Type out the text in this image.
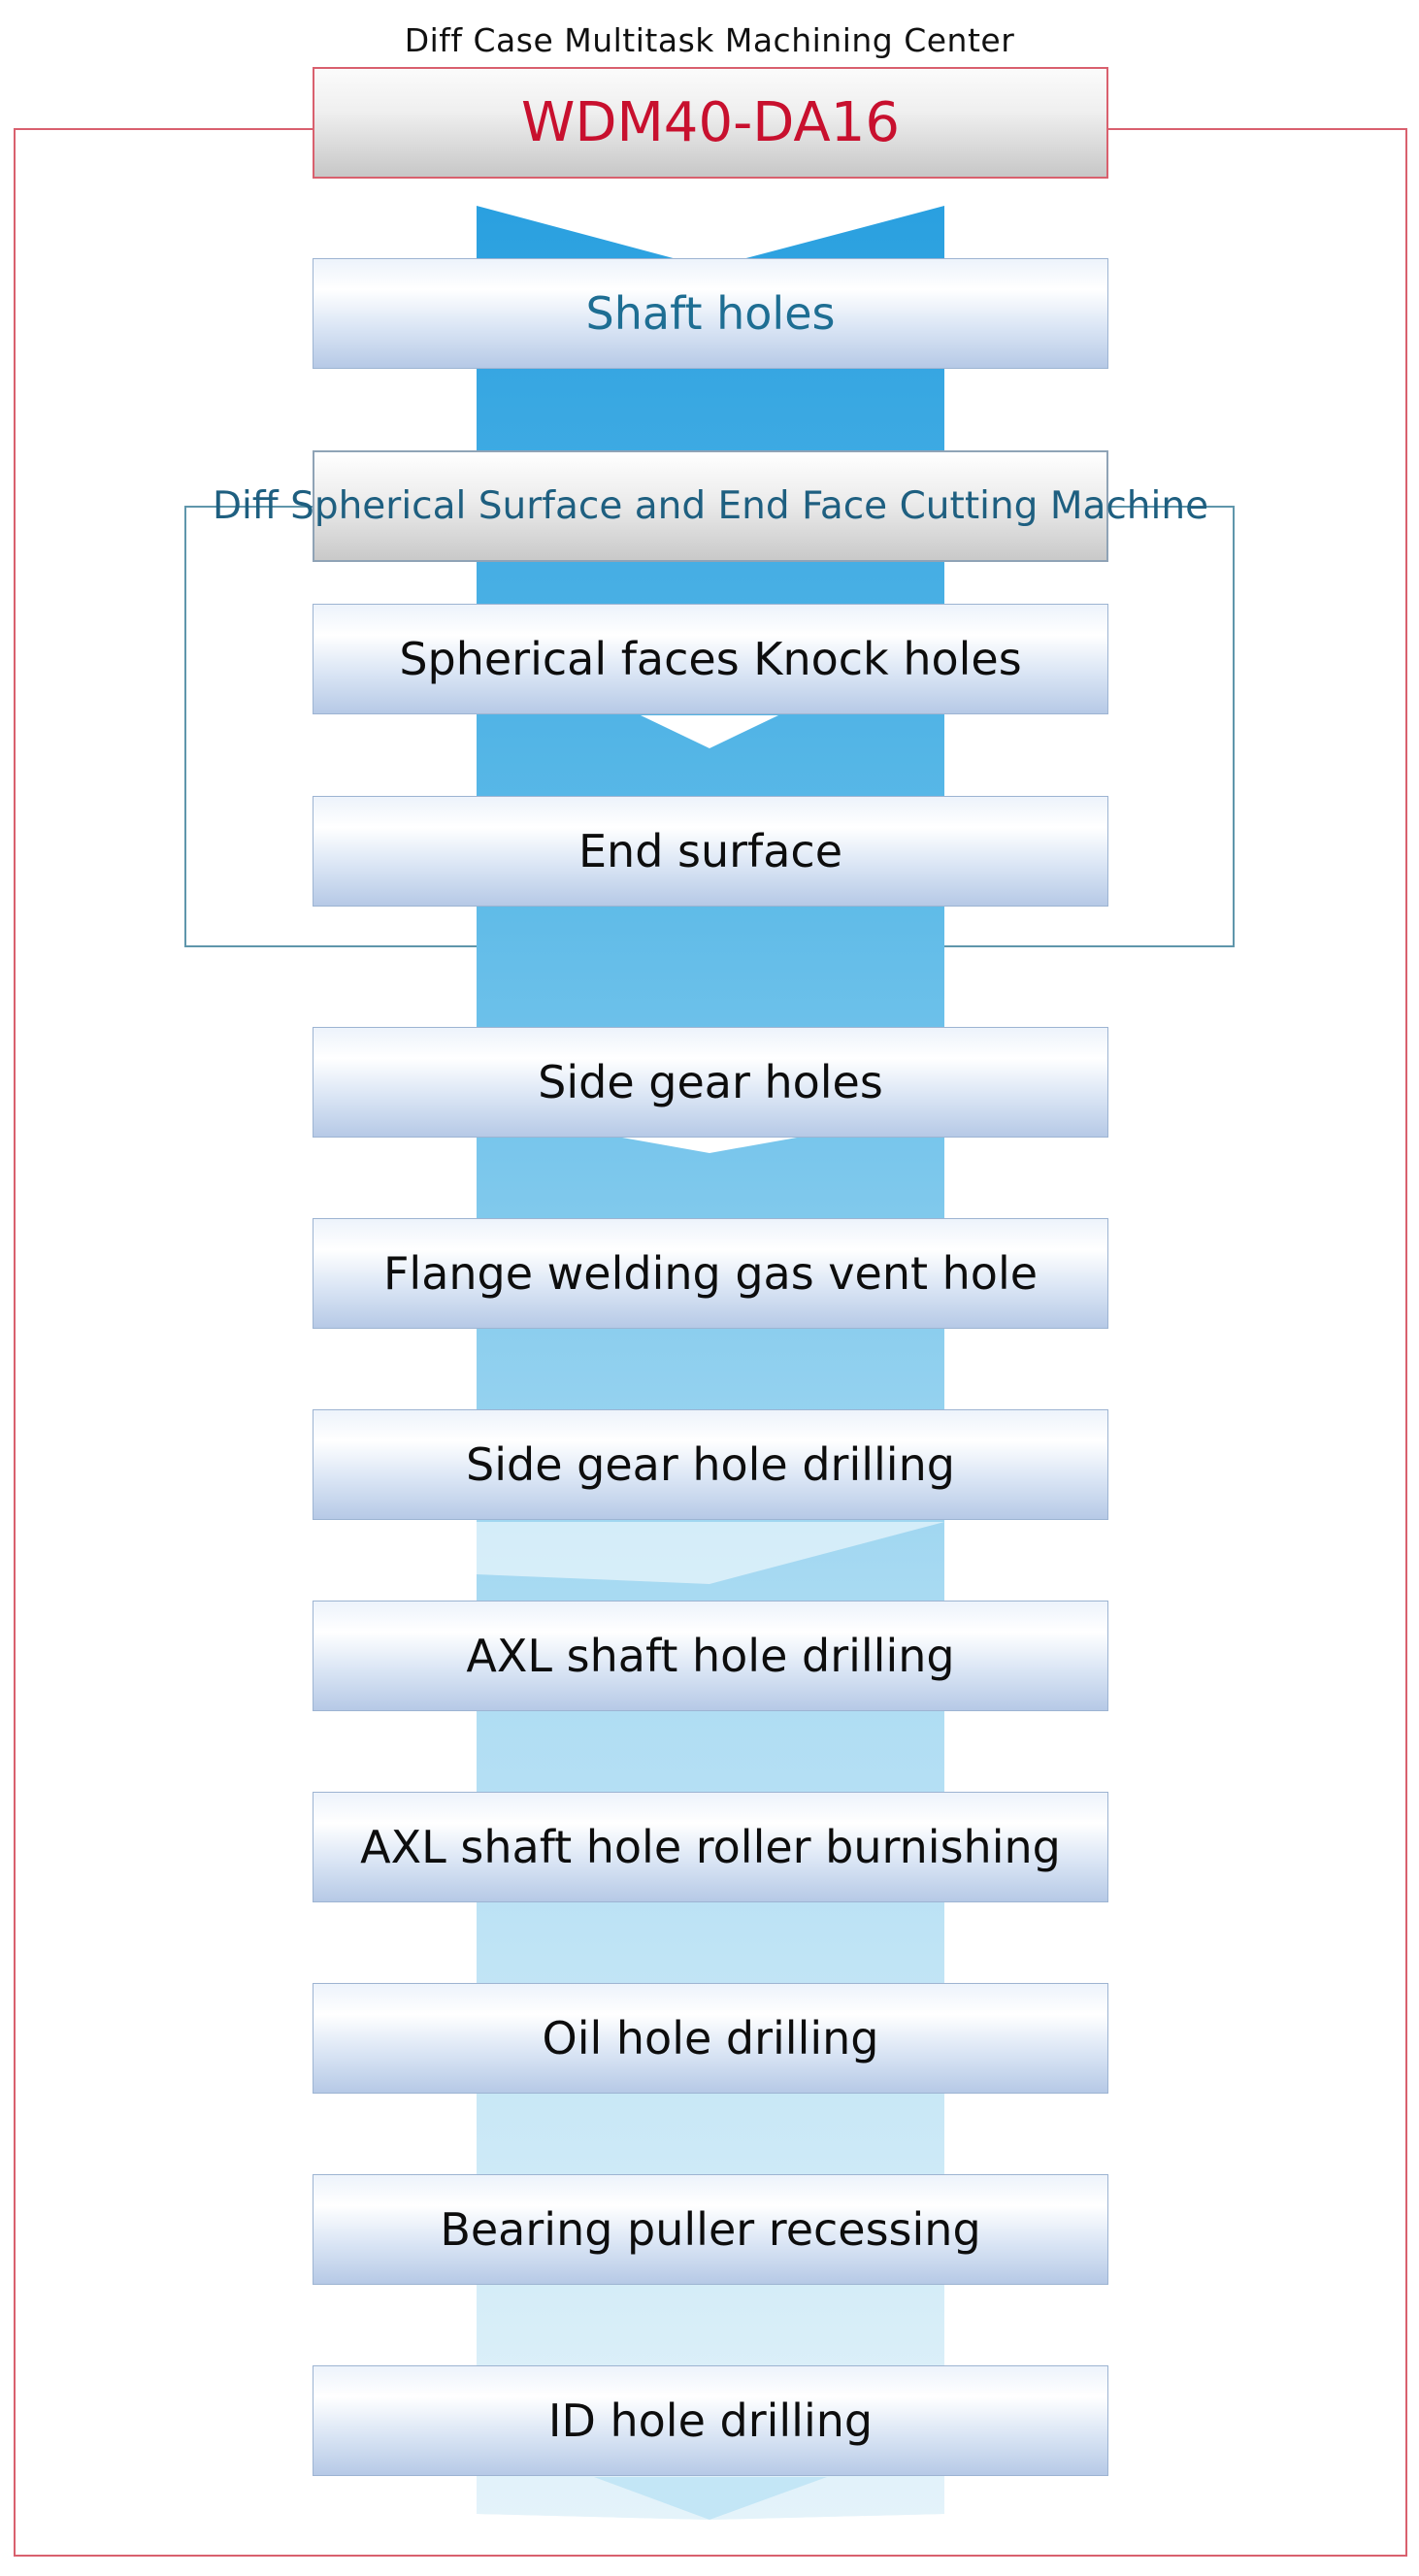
Diff Case Multitask Machining Center
WDM40-DA16
Shaft holes
Diff Spherical Surface and End Face Cutting Machine
Spherical faces Knock holes
End surface
Side gear holes
Flange welding gas vent hole
Side gear hole drilling
AXL shaft hole drilling
AXL shaft hole roller burnishing
Oil hole drilling
Bearing puller recessing
ID hole drilling
